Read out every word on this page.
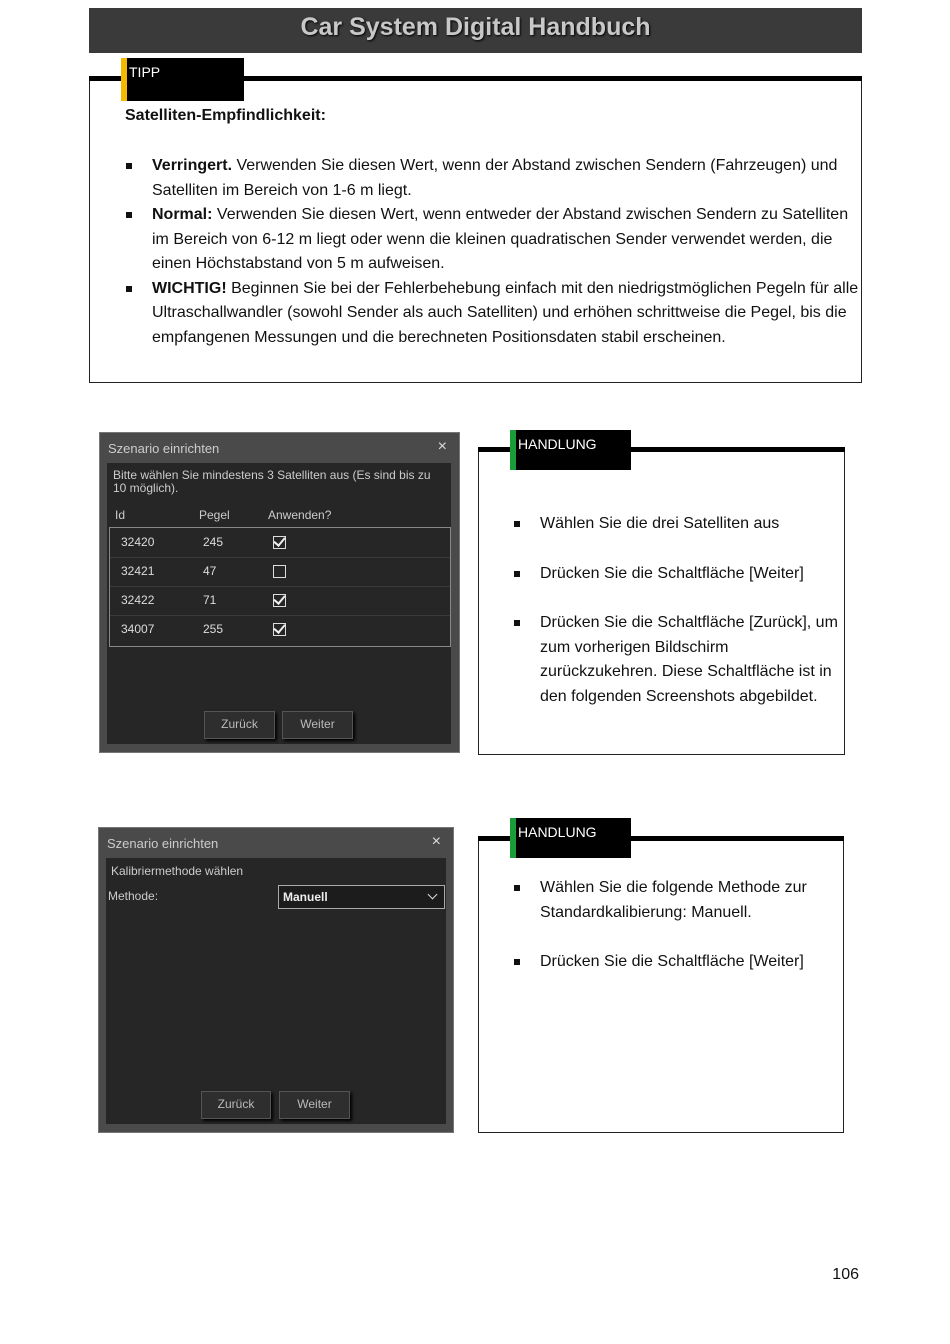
Car System Digital Handbuch
Satelliten-Empfindlichkeit:
Verringert. Verwenden Sie diesen Wert, wenn der Abstand zwischen Sendern (Fahrzeugen) und Satelliten im Bereich von 1-6 m liegt.
Normal: Verwenden Sie diesen Wert, wenn entweder der Abstand zwischen Sendern zu Satelliten im Bereich von 6-12 m liegt oder wenn die kleinen quadratischen Sender verwendet werden, die einen Höchstabstand von 5 m aufweisen.
WICHTIG! Beginnen Sie bei der Fehlerbehebung einfach mit den niedrigstmöglichen Pegeln für alle Ultraschallwandler (sowohl Sender als auch Satelliten) und erhöhen schrittweise die Pegel, bis die empfangenen Messungen und die berechneten Positionsdaten stabil erscheinen.
TIPP
Szenario einrichten	×
Bitte wählen Sie mindestens 3 Satelliten aus (Es sind bis zu 10 möglich).
Id	Pegel	Anwenden?
32420	245
32421	47
32422	71
34007	255
Zurück	Weiter
Wählen Sie die drei Satelliten aus
Drücken Sie die Schaltfläche [Weiter]
Drücken Sie die Schaltfläche [Zurück], um zum vorherigen Bildschirm zurückzukehren. Diese Schaltfläche ist in den folgenden Screenshots abgebildet.
HANDLUNG
Szenario einrichten	×
Kalibriermethode wählen
Methode:	Manuell
Zurück	Weiter
Wählen Sie die folgende Methode zur Standardkalibierung: Manuell.
Drücken Sie die Schaltfläche [Weiter]
HANDLUNG
106
